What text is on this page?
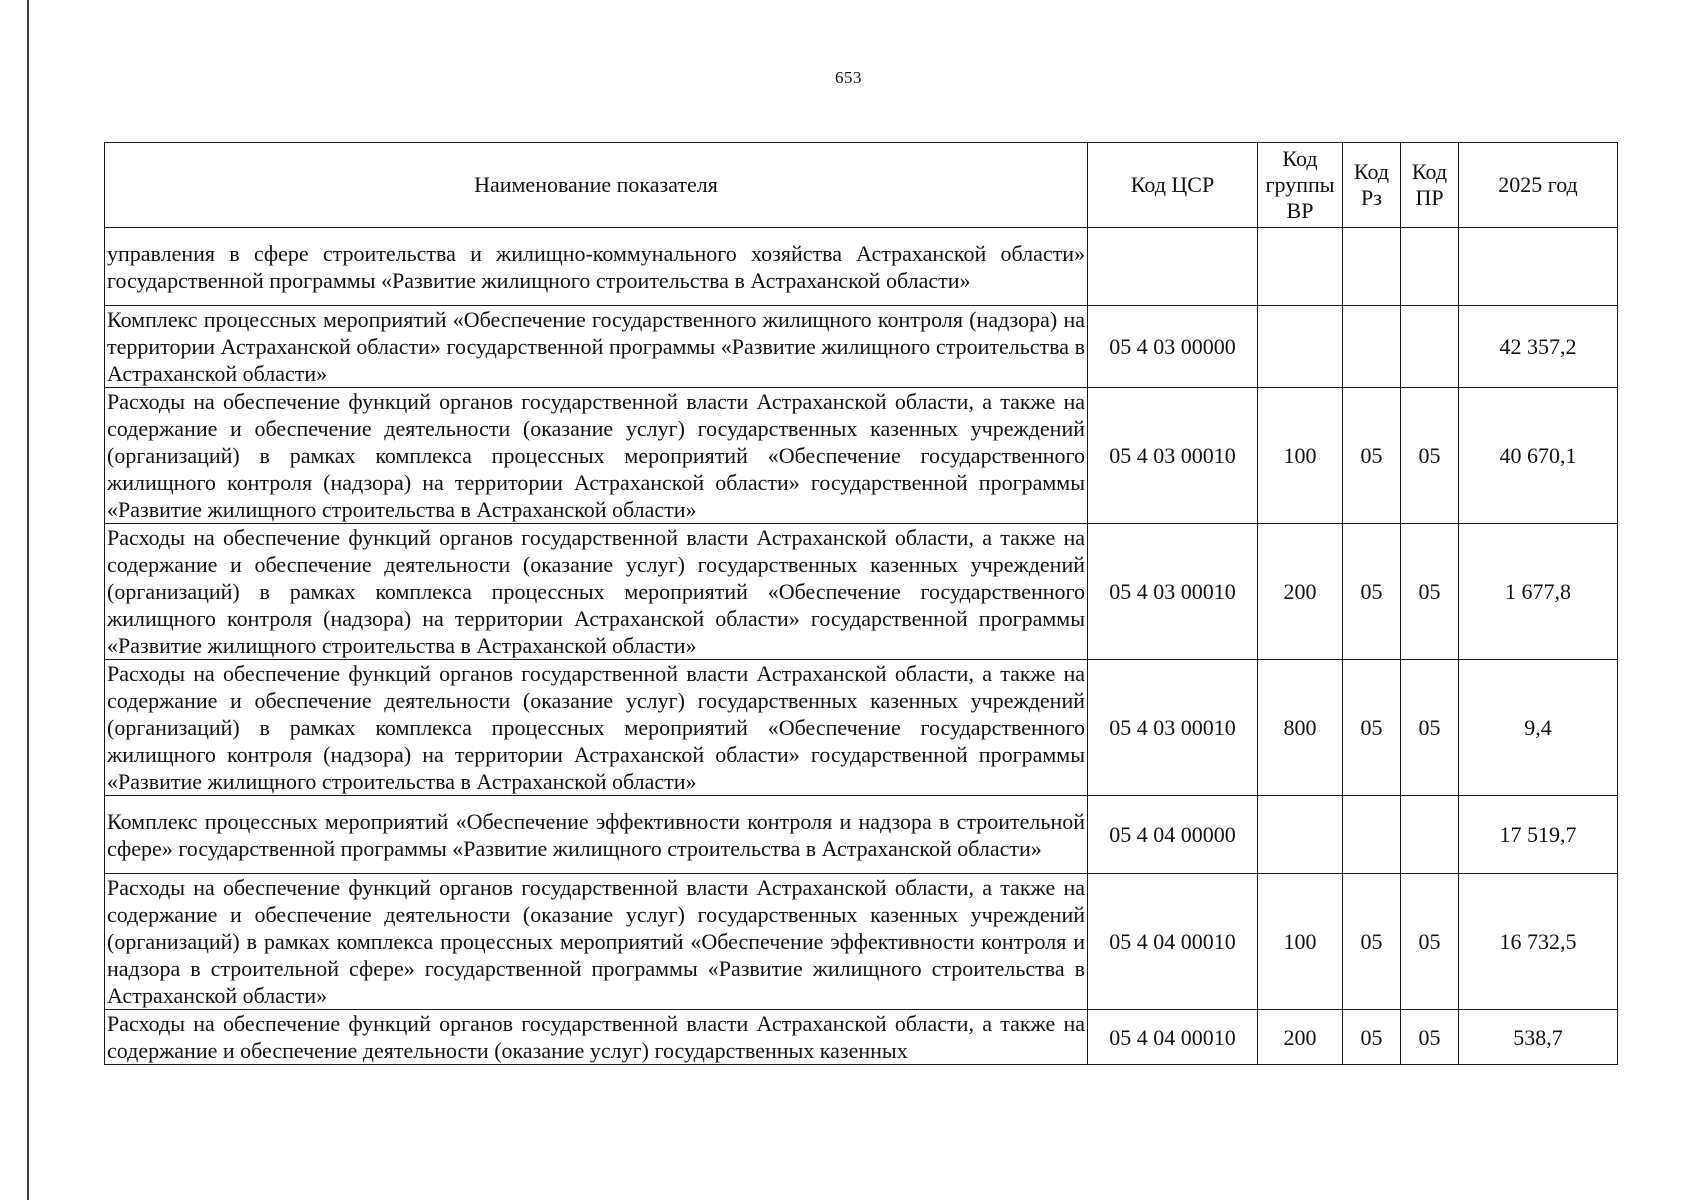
653
Наименование показателя	Код ЦСР	Код группы ВР	Код Рз	Код ПР	2025 год
управления в сфере строительства и жилищно-коммунального хозяйства Астраханской области» государственной программы «Развитие жилищного строительства в Астраханской области»					
Комплекс процессных мероприятий «Обеспечение государственного жилищного контроля (надзора) на территории Астраханской области» государственной программы «Развитие жилищного строительства в Астраханской области»	05 4 03 00000				42 357,2
Расходы на обеспечение функций органов государственной власти Астраханской области, а также на содержание и обеспечение деятельности (оказание услуг) государственных казенных учреждений (организаций) в рамках комплекса процессных мероприятий «Обеспечение государственного жилищного контроля (надзора) на территории Астраханской области» государственной программы «Развитие жилищного строительства в Астраханской области»	05 4 03 00010	100	05	05	40 670,1
Расходы на обеспечение функций органов государственной власти Астраханской области, а также на содержание и обеспечение деятельности (оказание услуг) государственных казенных учреждений (организаций) в рамках комплекса процессных мероприятий «Обеспечение государственного жилищного контроля (надзора) на территории Астраханской области» государственной программы «Развитие жилищного строительства в Астраханской области»	05 4 03 00010	200	05	05	1 677,8
Расходы на обеспечение функций органов государственной власти Астраханской области, а также на содержание и обеспечение деятельности (оказание услуг) государственных казенных учреждений (организаций) в рамках комплекса процессных мероприятий «Обеспечение государственного жилищного контроля (надзора) на территории Астраханской области» государственной программы «Развитие жилищного строительства в Астраханской области»	05 4 03 00010	800	05	05	9,4
Комплекс процессных мероприятий «Обеспечение эффективности контроля и надзора в строительной сфере» государственной программы «Развитие жилищного строительства в Астраханской области»	05 4 04 00000				17 519,7
Расходы на обеспечение функций органов государственной власти Астраханской области, а также на содержание и обеспечение деятельности (оказание услуг) государственных казенных учреждений (организаций) в рамках комплекса процессных мероприятий «Обеспечение эффективности контроля и надзора в строительной сфере» государственной программы «Развитие жилищного строительства в Астраханской области»	05 4 04 00010	100	05	05	16 732,5
Расходы на обеспечение функций органов государственной власти Астраханской области, а также на содержание и обеспечение деятельности (оказание услуг) государственных казенных	05 4 04 00010	200	05	05	538,7
